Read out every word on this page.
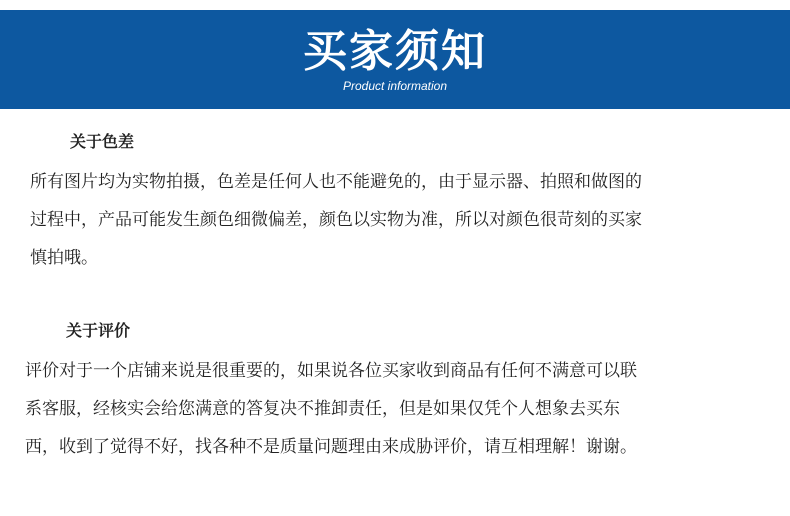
买家须知
Product information
关于色差
所有图片均为实物拍摄，色差是任何人也不能避免的，由于显示器、拍照和做图的
过程中，产品可能发生颜色细微偏差，颜色以实物为准，所以对颜色很苛刻的买家
慎拍哦。
关于评价
评价对于一个店铺来说是很重要的，如果说各位买家收到商品有任何不满意可以联
系客服，经核实会给您满意的答复决不推卸责任，但是如果仅凭个人想象去买东
西，收到了觉得不好，找各种不是质量问题理由来成胁评价，请互相理解！谢谢。
